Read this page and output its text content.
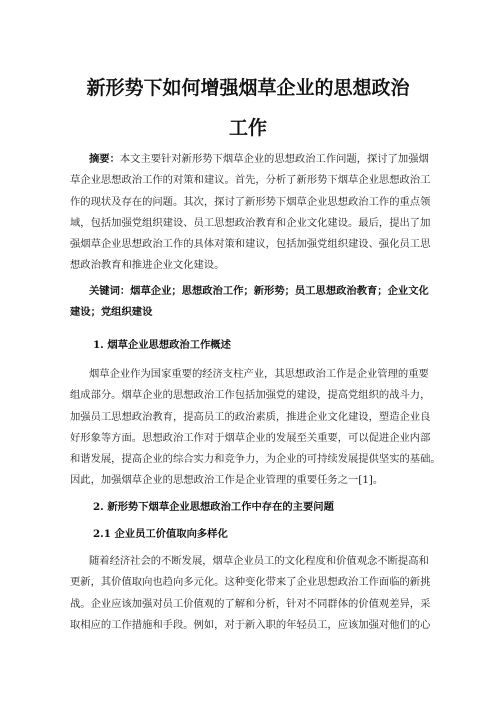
新形势下如何增强烟草企业的思想政治
工作
摘要：本文主要针对新形势下烟草企业的思想政治工作问题，探讨了加强烟
草企业思想政治工作的对策和建议。首先，分析了新形势下烟草企业思想政治工
作的现状及存在的问题。其次，探讨了新形势下烟草企业思想政治工作的重点领
域，包括加强党组织建设、员工思想政治教育和企业文化建设。最后，提出了加
强烟草企业思想政治工作的具体对策和建议，包括加强党组织建设、强化员工思
想政治教育和推进企业文化建设。
关键词：烟草企业；思想政治工作；新形势；员工思想政治教育；企业文化
建设；党组织建设
1. 烟草企业思想政治工作概述
烟草企业作为国家重要的经济支柱产业，其思想政治工作是企业管理的重要
组成部分。烟草企业的思想政治工作包括加强党的建设，提高党组织的战斗力，
加强员工思想政治教育，提高员工的政治素质，推进企业文化建设，塑造企业良
好形象等方面。思想政治工作对于烟草企业的发展至关重要，可以促进企业内部
和谐发展，提高企业的综合实力和竞争力，为企业的可持续发展提供坚实的基础。
因此，加强烟草企业的思想政治工作是企业管理的重要任务之一[1]。
2. 新形势下烟草企业思想政治工作中存在的主要问题
2.1 企业员工价值取向多样化
随着经济社会的不断发展，烟草企业员工的文化程度和价值观念不断提高和
更新，其价值取向也趋向多元化。这种变化带来了企业思想政治工作面临的新挑
战。企业应该加强对员工价值观的了解和分析，针对不同群体的价值观差异，采
取相应的工作措施和手段。例如，对于新入职的年轻员工，应该加强对他们的心
